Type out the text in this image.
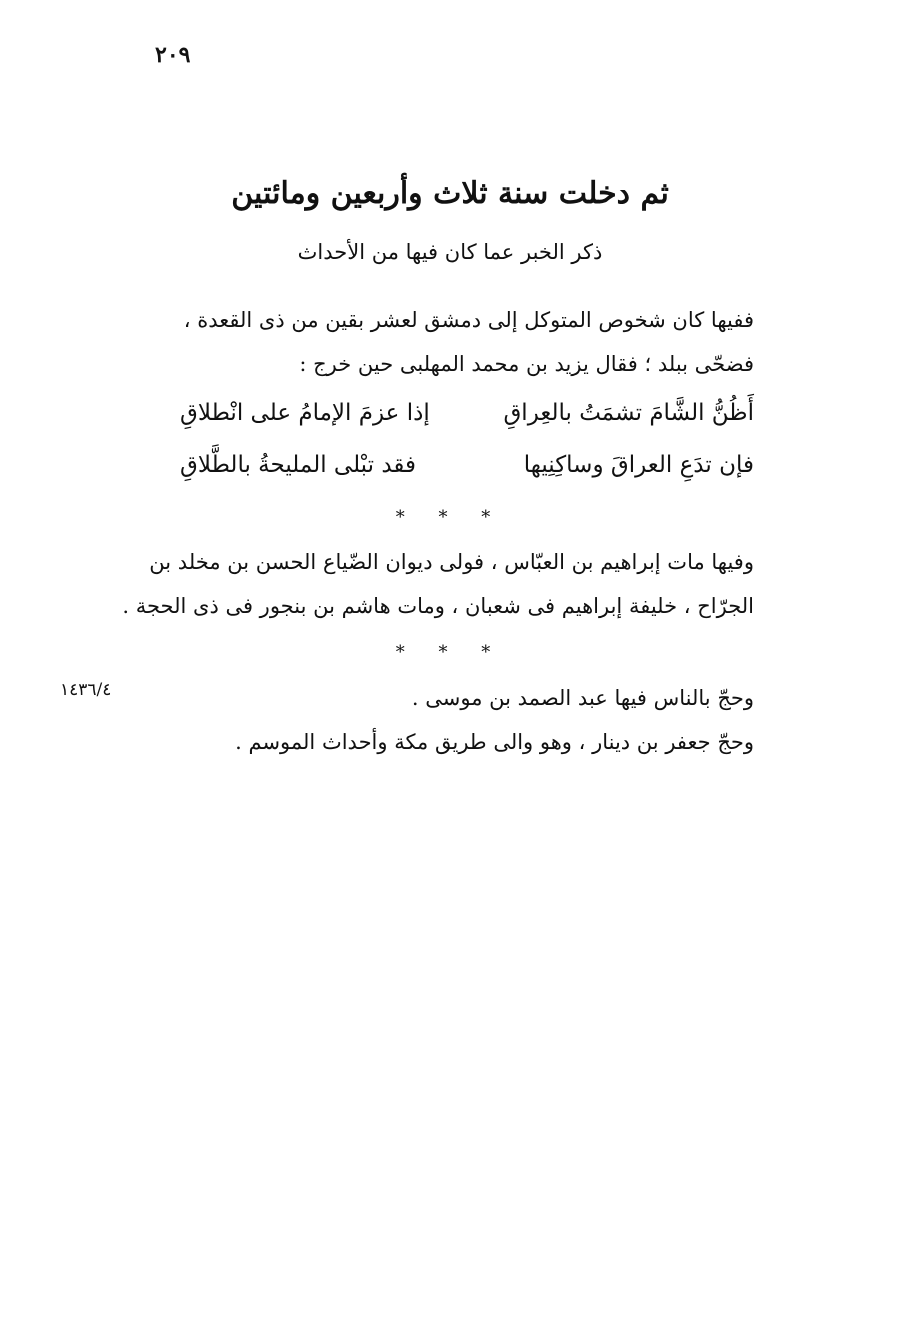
٢٠٩
ثم دخلت سنة ثلاث وأربعين ومائتين
ذكر الخبر عما كان فيها من الأحداث
ففيها كان شخوص المتوكل إلى دمشق لعشر بقين من ذى القعدة ،
فضحّى ببلد ؛ فقال يزيد بن محمد المهلبى حين خرج :
أَظُنُّ الشَّامَ تشمَتُ بالعِراقِ
إذا عزمَ الإمامُ على انْطلاقِ
فإن تدَعِ العراقَ وساكِنِيها
فقد تبْلى المليحةُ بالطَّلاقِ
* * *
وفيها مات إبراهيم بن العبّاس ، فولى ديوان الضّياع الحسن بن مخلد بن
الجرّاح ، خليفة إبراهيم فى شعبان ، ومات هاشم بن بنجور فى ذى الحجة .
* * *
١٤٣٦/٤	وحجّ بالناس فيها عبد الصمد بن موسى .
وحجّ جعفر بن دينار ، وهو والى طريق مكة وأحداث الموسم .
